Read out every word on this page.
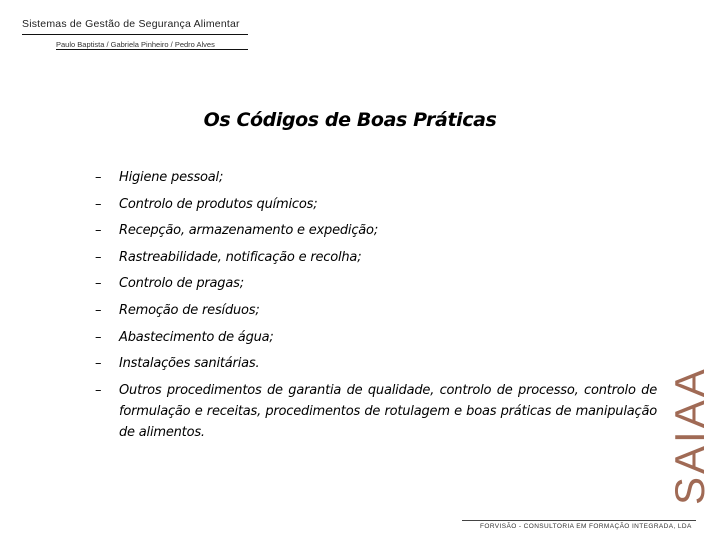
Sistemas de Gestão de Segurança Alimentar
Paulo Baptista / Gabriela Pinheiro / Pedro Alves
Os Códigos de Boas Práticas
– Higiene pessoal;
– Controlo de produtos químicos;
– Recepção, armazenamento e expedição;
– Rastreabilidade, notificação e recolha;
– Controlo de pragas;
– Remoção de resíduos;
– Abastecimento de água;
– Instalações sanitárias.
– Outros procedimentos de garantia de qualidade, controlo de processo, controlo de formulação e receitas, procedimentos de rotulagem e boas práticas de manipulação de alimentos.	SAIAA
FORVISÃO - CONSULTORIA EM FORMAÇÃO INTEGRADA, LDA
